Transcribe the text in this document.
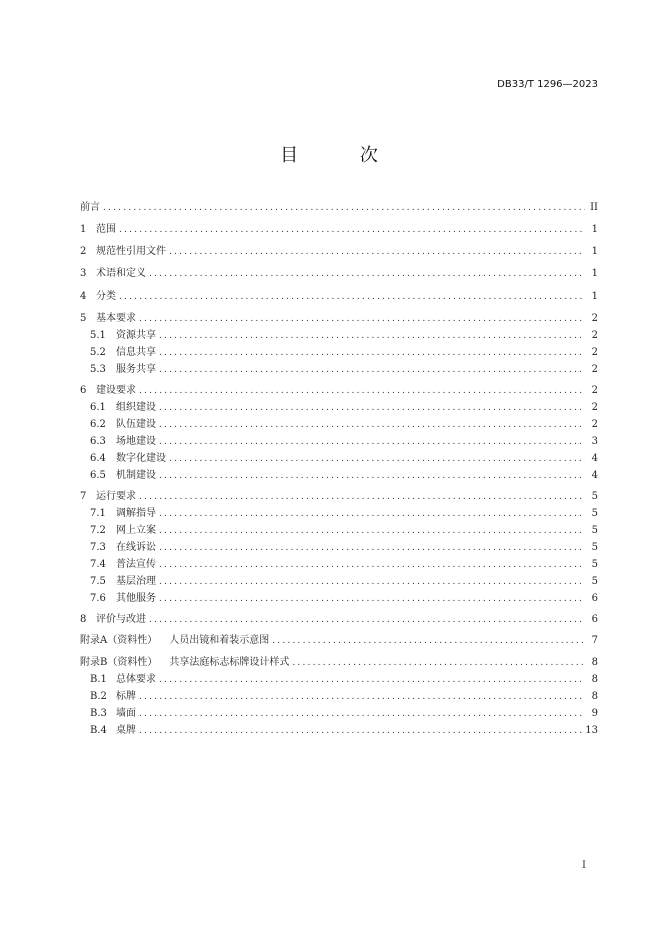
DB33/T 1296—2023
目 次
前言 .....	II
1 范围 .....	1
2 规范性引用文件 .....	1
3 术语和定义 .....	1
4 分类 .....	1
5 基本要求 .....	2
5.1	资源共享 .....	2
5.2	信息共享 .....	2
5.3	服务共享 .....	2
6 建设要求 .....	2
6.1	组织建设 .....	2
6.2	队伍建设 .....	2
6.3	场地建设 .....	3
6.4	数字化建设 .....	4
6.5	机制建设 .....	4
7 运行要求 .....	5
7.1	调解指导 .....	5
7.2	网上立案 .....	5
7.3	在线诉讼 .....	5
7.4	普法宣传 .....	5
7.5	基层治理 .....	5
7.6	其他服务 .....	6
8 评价与改进 .....	6
附录A（资料性） 人员出镜和着装示意图 .....	7
附录B（资料性） 共享法庭标志标牌设计样式 .....	8
B.1 总体要求 .....	8
B.2 标牌 .....	8
B.3 墙面 .....	9
B.4 桌牌 .....	13
I
